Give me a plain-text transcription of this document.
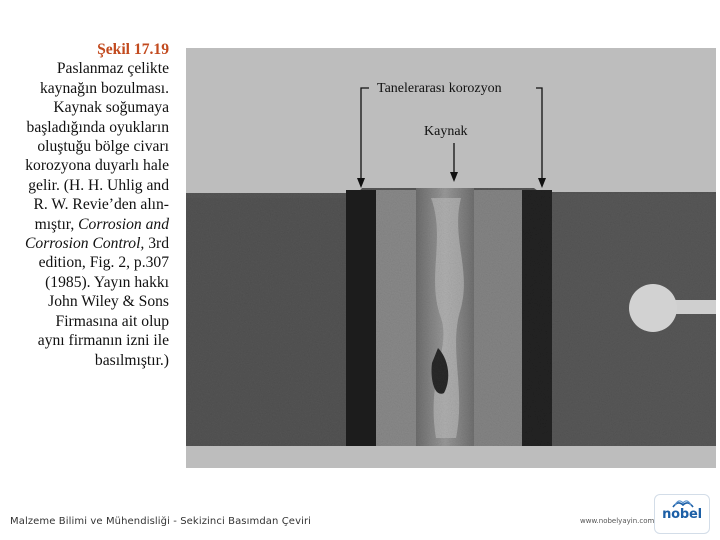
Şekil 17.19
Paslanmaz çelikte
kaynağın bozulması.
Kaynak soğumaya
başladığında oyukların
oluştuğu bölge civarı
korozyona duyarlı hale
gelir. (H. H. Uhlig and
R. W. Revie’den alın-
mıştır, Corrosion and
Corrosion Control, 3rd
edition, Fig. 2, p.307
(1985). Yayın hakkı
John Wiley & Sons
Firmasına ait olup
aynı firmanın izni ile
basılmıştır.)
Tanelerarası korozyon
Kaynak
Malzeme Bilimi ve Mühendisliği - Sekizinci Basımdan Çeviri	www.nobelyayin.com nobel
